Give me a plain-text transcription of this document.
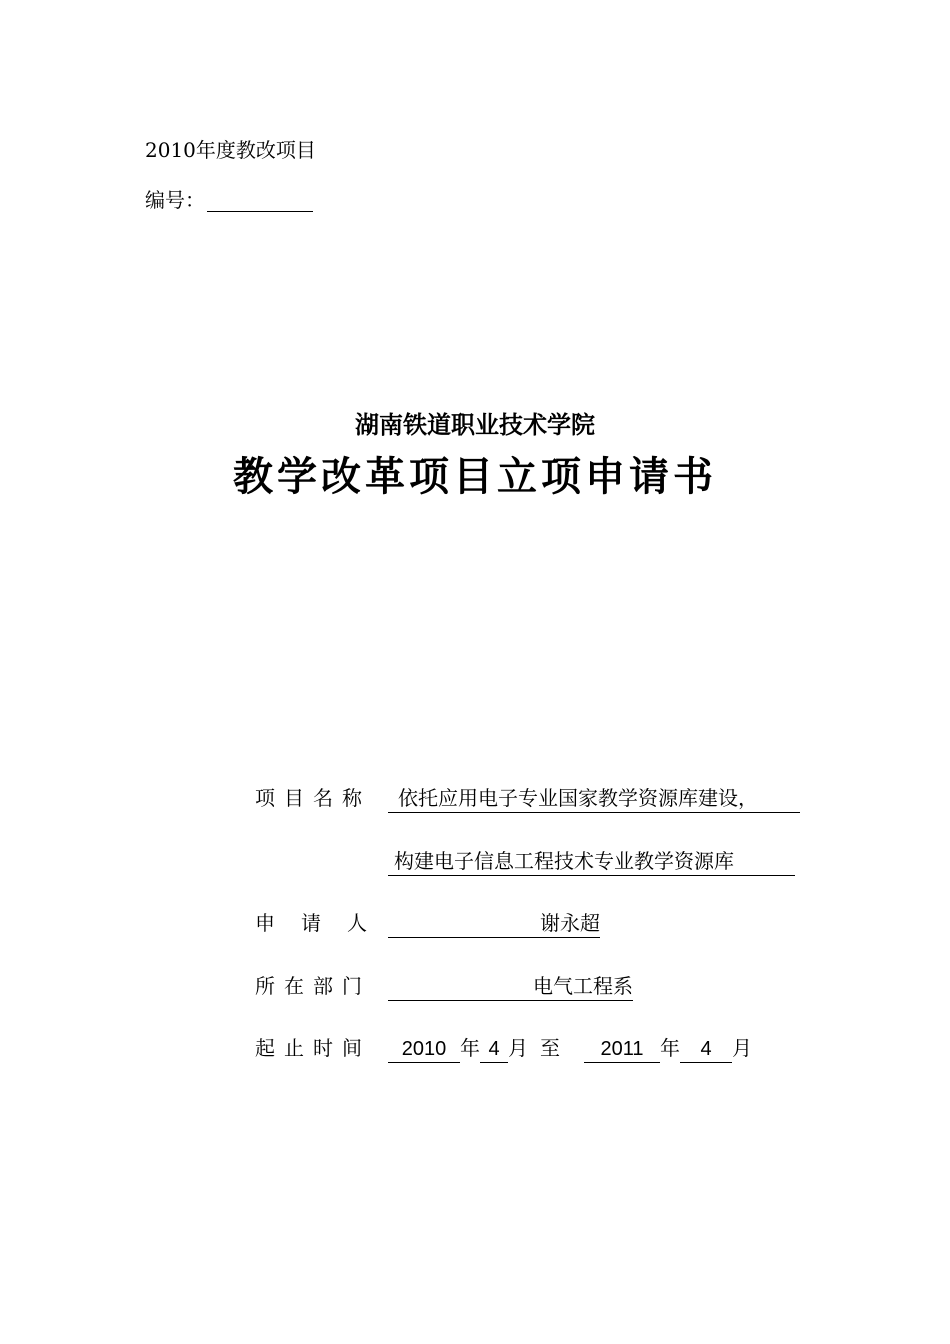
2010年度教改项目
编号：
湖南铁道职业技术学院
教学改革项目立项申请书
项目名称	依托应用电子专业国家教学资源库建设，
构建电子信息工程技术专业教学资源库
申请人	谢永超
所在部门	电气工程系
起止时间	2010 年 4 月 至 2011 年 4 月
